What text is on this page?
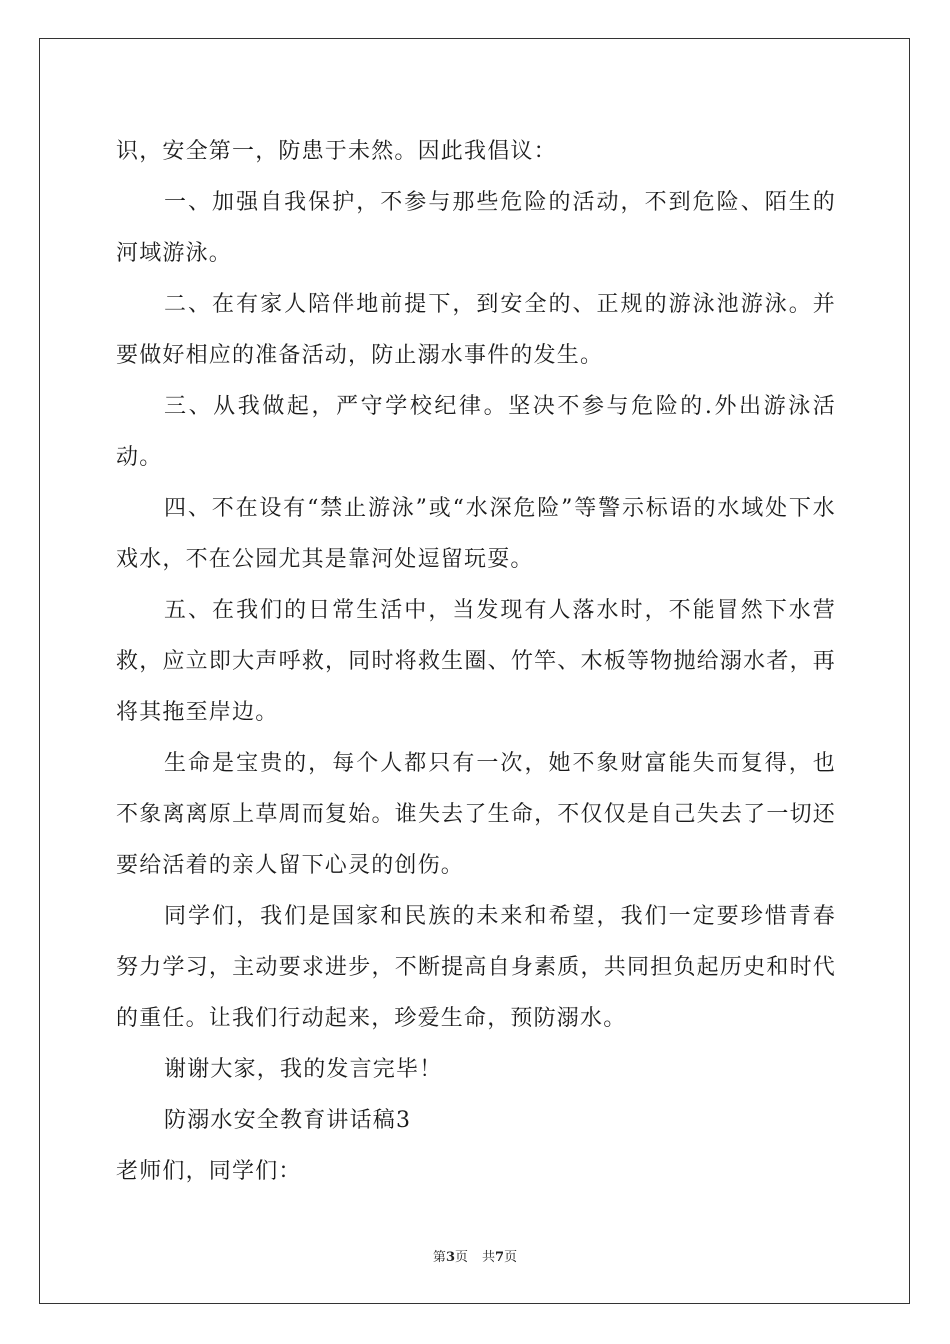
识，安全第一，防患于未然。因此我倡议：

一、加强自我保护，不参与那些危险的活动，不到危险、陌生的河域游泳。

二、在有家人陪伴地前提下，到安全的、正规的游泳池游泳。并要做好相应的准备活动，防止溺水事件的发生。

三、从我做起，严守学校纪律。坚决不参与危险的.外出游泳活动。

四、不在设有“禁止游泳”或“水深危险”等警示标语的水域处下水戏水，不在公园尤其是靠河处逗留玩耍。

五、在我们的日常生活中，当发现有人落水时，不能冒然下水营救，应立即大声呼救，同时将救生圈、竹竿、木板等物抛给溺水者，再将其拖至岸边。

生命是宝贵的，每个人都只有一次，她不象财富能失而复得，也不象离离原上草周而复始。谁失去了生命，不仅仅是自己失去了一切还要给活着的亲人留下心灵的创伤。

同学们，我们是国家和民族的未来和希望，我们一定要珍惜青春努力学习，主动要求进步，不断提高自身素质，共同担负起历史和时代的重任。让我们行动起来，珍爱生命，预防溺水。

谢谢大家，我的发言完毕！

防溺水安全教育讲话稿3

老师们，同学们：

第3页 共7页
